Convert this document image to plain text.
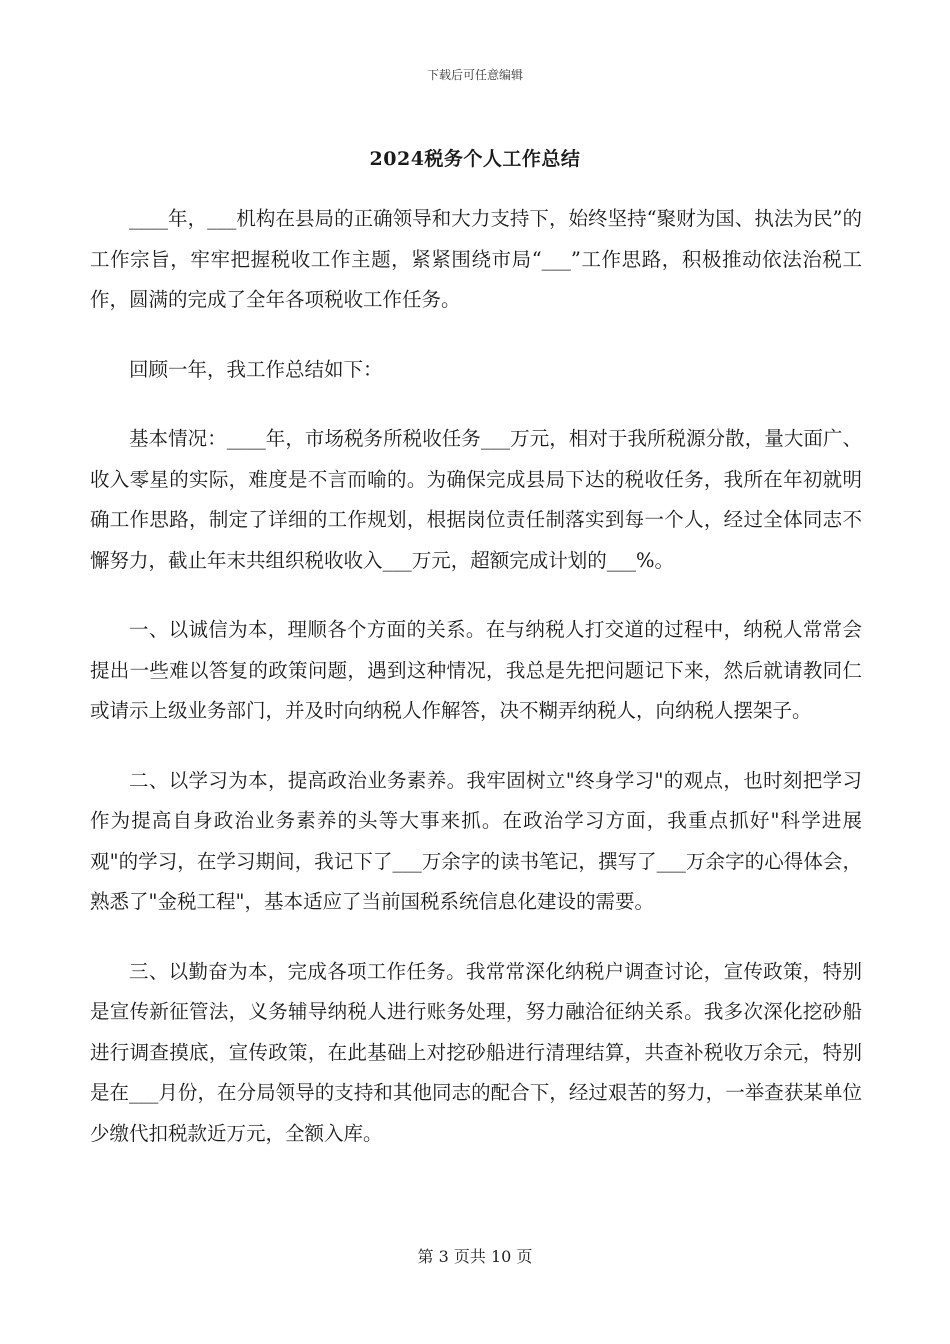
下载后可任意编辑
2024税务个人工作总结

____年，___机构在县局的正确领导和大力支持下，始终坚持“聚财为国、执法为民”的工作宗旨，牢牢把握税收工作主题，紧紧围绕市局“___”工作思路，积极推动依法治税工作，圆满的完成了全年各项税收工作任务。

回顾一年，我工作总结如下：

基本情况：____年，市场税务所税收任务___万元，相对于我所税源分散，量大面广、收入零星的实际，难度是不言而喻的。为确保完成县局下达的税收任务，我所在年初就明确工作思路，制定了详细的工作规划，根据岗位责任制落实到每一个人，经过全体同志不懈努力，截止年末共组织税收收入___万元，超额完成计划的___%。

一、以诚信为本，理顺各个方面的关系。在与纳税人打交道的过程中，纳税人常常会提出一些难以答复的政策问题，遇到这种情况，我总是先把问题记下来，然后就请教同仁或请示上级业务部门，并及时向纳税人作解答，决不糊弄纳税人，向纳税人摆架子。

二、以学习为本，提高政治业务素养。我牢固树立"终身学习"的观点，也时刻把学习作为提高自身政治业务素养的头等大事来抓。在政治学习方面，我重点抓好"科学进展观"的学习，在学习期间，我记下了___万余字的读书笔记，撰写了___万余字的心得体会，熟悉了"金税工程"，基本适应了当前国税系统信息化建设的需要。

三、以勤奋为本，完成各项工作任务。我常常深化纳税户调查讨论，宣传政策，特别是宣传新征管法，义务辅导纳税人进行账务处理，努力融洽征纳关系。我多次深化挖砂船进行调查摸底，宣传政策，在此基础上对挖砂船进行清理结算，共查补税收万余元，特别是在___月份，在分局领导的支持和其他同志的配合下，经过艰苦的努力，一举查获某单位少缴代扣税款近万元，全额入库。

第 3 页共 10 页
